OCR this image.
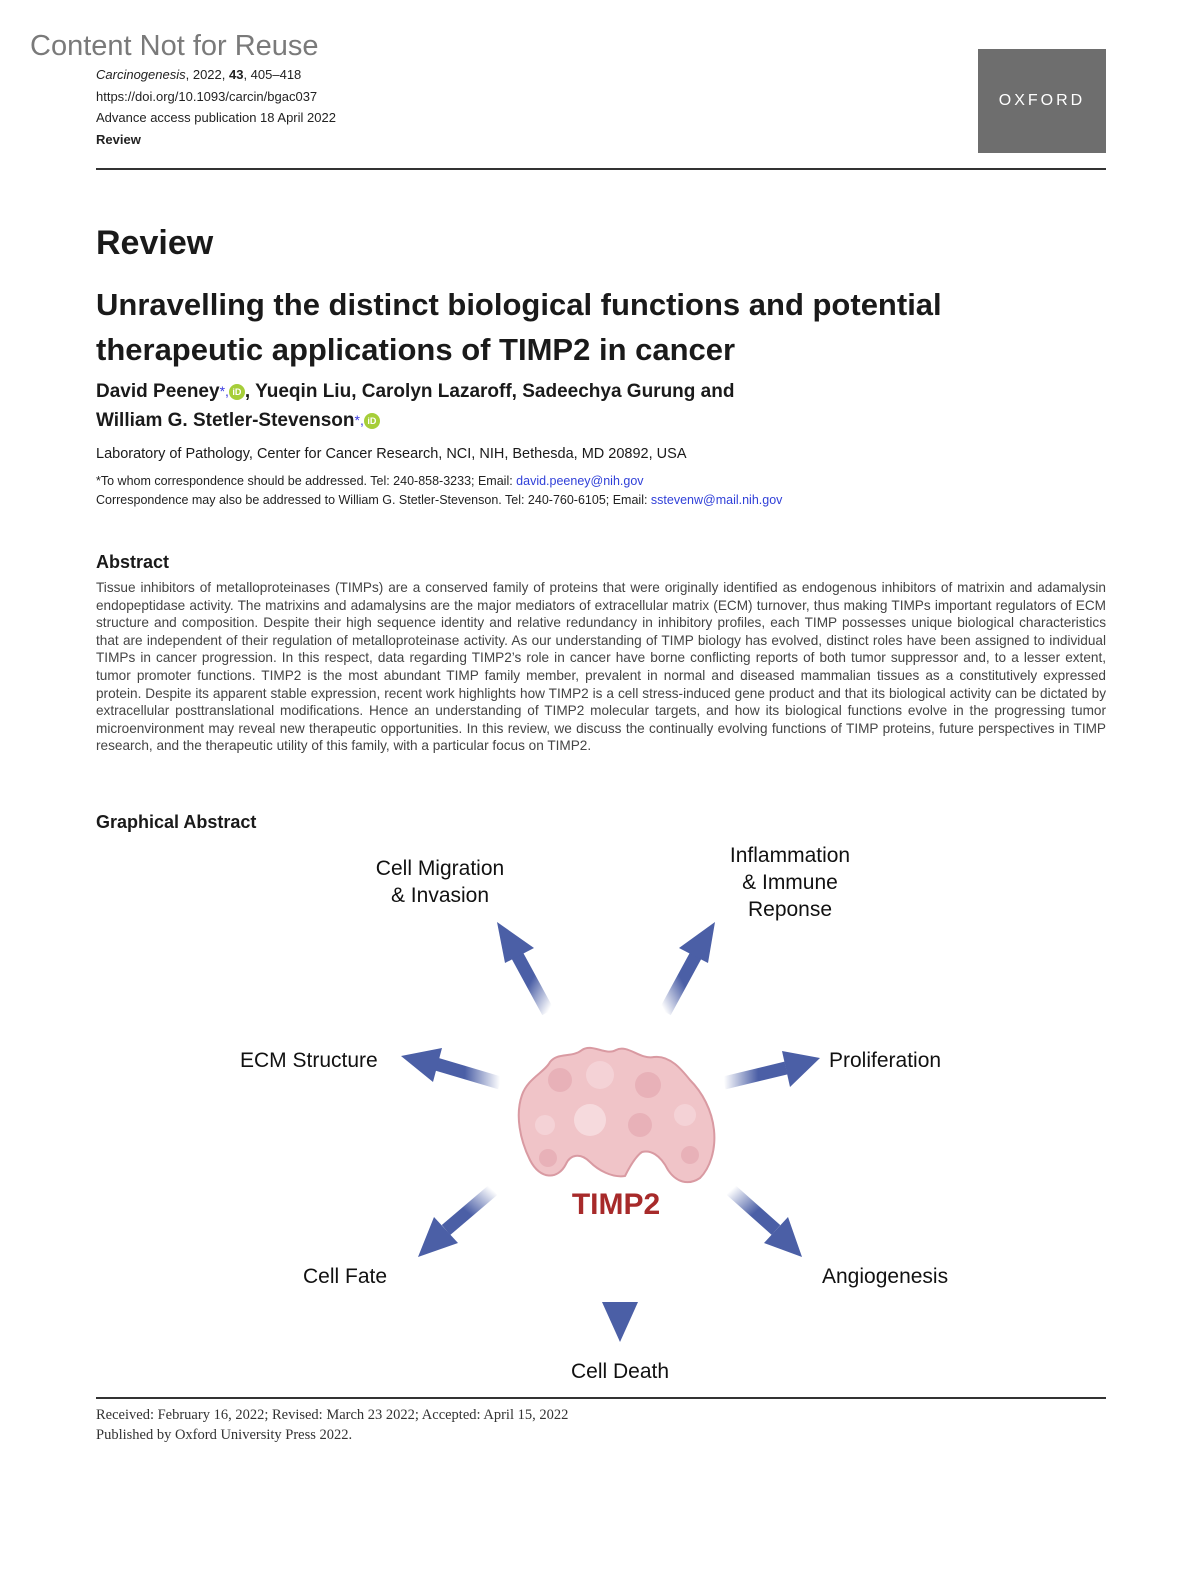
Content Not for Reuse
Carcinogenesis, 2022, 43, 405–418
https://doi.org/10.1093/carcin/bgac037
Advance access publication 18 April 2022
Review
OXFORD
Review
Unravelling the distinct biological functions and potential therapeutic applications of TIMP2 in cancer
David Peeney*, iD , Yueqin Liu, Carolyn Lazaroff, Sadeechya Gurung and
William G. Stetler-Stevenson*, iD
Laboratory of Pathology, Center for Cancer Research, NCI, NIH, Bethesda, MD 20892, USA
*To whom correspondence should be addressed. Tel: 240-858-3233; Email: david.peeney@nih.gov
Correspondence may also be addressed to William G. Stetler-Stevenson. Tel: 240-760-6105; Email: sstevenw@mail.nih.gov
Abstract
Tissue inhibitors of metalloproteinases (TIMPs) are a conserved family of proteins that were originally identified as endogenous inhibitors of matrixin and adamalysin endopeptidase activity. The matrixins and adamalysins are the major mediators of extracellular matrix (ECM) turnover, thus making TIMPs important regulators of ECM structure and composition. Despite their high sequence identity and relative redundancy in inhibitory profiles, each TIMP possesses unique biological characteristics that are independent of their regulation of metalloproteinase activity. As our understanding of TIMP biology has evolved, distinct roles have been assigned to individual TIMPs in cancer progression. In this respect, data regarding TIMP2’s role in cancer have borne conflicting reports of both tumor suppressor and, to a lesser extent, tumor promoter functions. TIMP2 is the most abundant TIMP family member, prevalent in normal and diseased mammalian tissues as a constitutively expressed protein. Despite its apparent stable expression, recent work highlights how TIMP2 is a cell stress-induced gene product and that its biological activity can be dictated by extracellular posttranslational modifications. Hence an understanding of TIMP2 molecular targets, and how its biological functions evolve in the progressing tumor microenvironment may reveal new therapeutic opportunities. In this review, we discuss the continually evolving functions of TIMP proteins, future perspectives in TIMP research, and the therapeutic utility of this family, with a particular focus on TIMP2.
Graphical Abstract
TIMP2
Cell Migration
& Invasion
Inflammation
& Immune
Reponse
ECM Structure	Proliferation
Cell Fate	Angiogenesis
Cell Death
Received: February 16, 2022; Revised: March 23 2022; Accepted: April 15, 2022
Published by Oxford University Press 2022.
